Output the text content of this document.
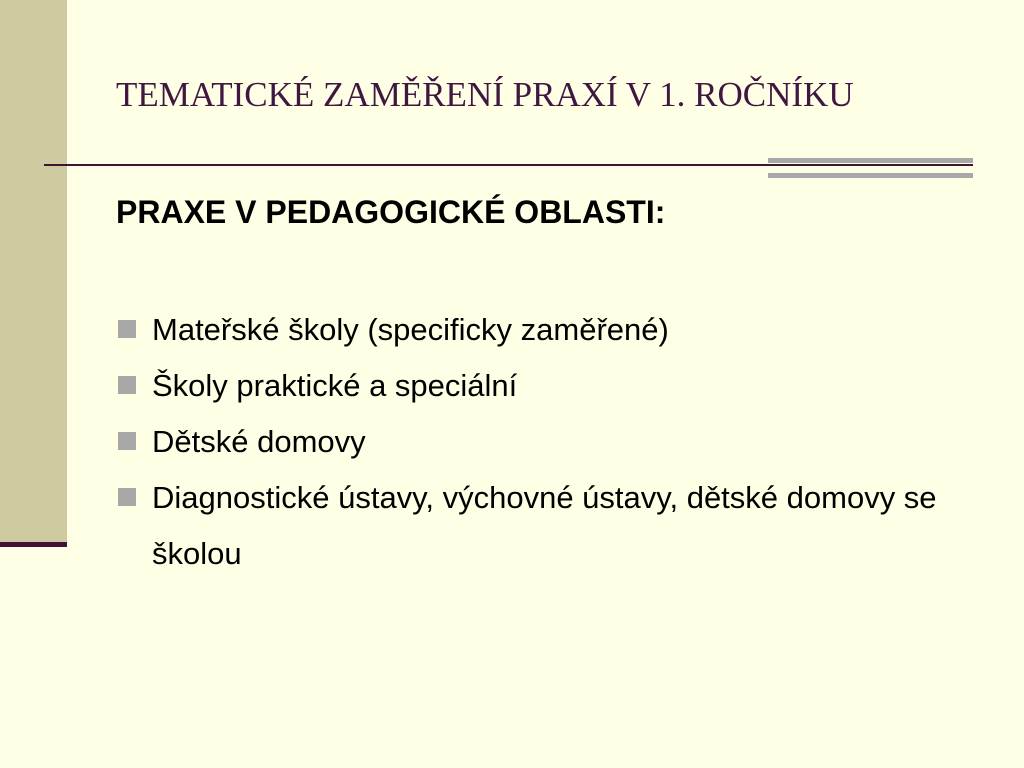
TEMATICKÉ ZAMĚŘENÍ PRAXÍ V 1. ROČNÍKU
PRAXE V PEDAGOGICKÉ OBLASTI:
Mateřské školy (specificky zaměřené)
Školy praktické a speciální
Dětské domovy
Diagnostické ústavy, výchovné ústavy, dětské domovy se školou
